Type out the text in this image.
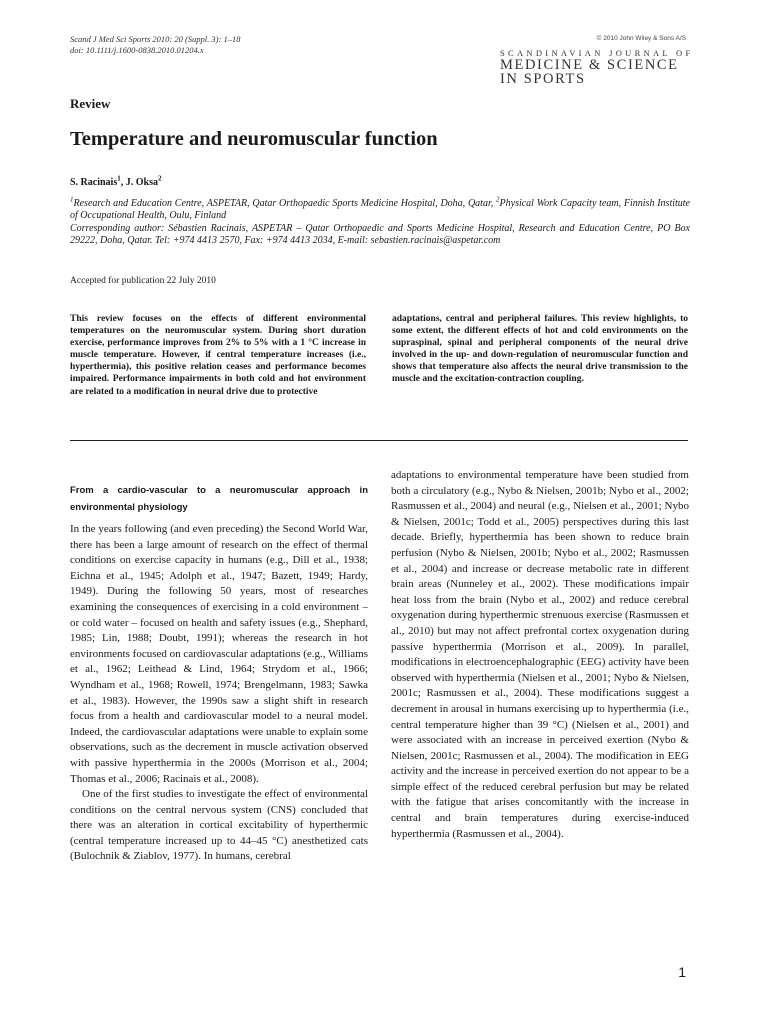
Scand J Med Sci Sports 2010: 20 (Suppl. 3): 1–18
doi: 10.1111/j.1600-0838.2010.01204.x
© 2010 John Wiley & Sons A/S
SCANDINAVIAN JOURNAL OF
MEDICINE & SCIENCE
IN SPORTS
Review
Temperature and neuromuscular function
S. Racinais$^1$, J. Oksa$^2$

$^1$Research and Education Centre, ASPETAR, Qatar Orthopaedic Sports Medicine Hospital, Doha, Qatar, $^2$Physical Work Capacity team, Finnish Institute of Occupational Health, Oulu, Finland

Corresponding author: Sébastien Racinais, ASPETAR – Qatar Orthopaedic and Sports Medicine Hospital, Research and Education Centre, PO Box 29222, Doha, Qatar. Tel: +974 4413 2570, Fax: +974 4413 2034, E-mail: sebastien.racinais@aspetar.com

Accepted for publication 22 July 2010

This review focuses on the effects of different environmental temperatures on the neuromuscular system. During short duration exercise, performance improves from 2% to 5% with a 1 °C increase in muscle temperature. However, if central temperature increases (i.e., hyperthermia), this positive relation ceases and performance becomes impaired. Performance impairments in both cold and hot environment are related to a modification in neural drive due to protective

adaptations, central and peripheral failures. This review highlights, to some extent, the different effects of hot and cold environments on the supraspinal, spinal and peripheral components of the neural drive involved in the up- and down-regulation of neuromuscular function and shows that temperature also affects the neural drive transmission to the muscle and the excitation-contraction coupling.

From a cardio-vascular to a neuromuscular approach in environmental physiology

In the years following (and even preceding) the Second World War, there has been a large amount of research on the effect of thermal conditions on exercise capacity in humans (e.g., Dill et al., 1938; Eichna et al., 1945; Adolph et al., 1947; Bazett, 1949; Hardy, 1949). During the following 50 years, most of researches examining the consequences of exercising in a cold environment – or cold water – focused on health and safety issues (e.g., Shephard, 1985; Lin, 1988; Doubt, 1991); whereas the research in hot environments focused on cardiovascular adaptations (e.g., Williams et al., 1962; Leithead & Lind, 1964; Strydom et al., 1966; Wyndham et al., 1968; Rowell, 1974; Brengelmann, 1983; Sawka et al., 1983). However, the 1990s saw a slight shift in research focus from a health and cardiovascular model to a neural model. Indeed, the cardiovascular adaptations were unable to explain some observations, such as the decrement in muscle activation observed with passive hyperthermia in the 2000s (Morrison et al., 2004; Thomas et al., 2006; Racinais et al., 2008).

One of the first studies to investigate the effect of environmental conditions on the central nervous system (CNS) concluded that there was an alteration in cortical excitability of hyperthermic (central temperature increased up to 44–45 °C) anesthetized cats (Bulochnik & Ziablov, 1977). In humans, cerebral

adaptations to environmental temperature have been studied from both a circulatory (e.g., Nybo & Nielsen, 2001b; Nybo et al., 2002; Rasmussen et al., 2004) and neural (e.g., Nielsen et al., 2001; Nybo & Nielsen, 2001c; Todd et al., 2005) perspectives during this last decade. Briefly, hyperthermia has been shown to reduce brain perfusion (Nybo & Nielsen, 2001b; Nybo et al., 2002; Rasmussen et al., 2004) and increase or decrease metabolic rate in different brain areas (Nunneley et al., 2002). These modifications impair heat loss from the brain (Nybo et al., 2002) and reduce cerebral oxygenation during hyperthermic strenuous exercise (Rasmussen et al., 2010) but may not affect prefrontal cortex oxygenation during passive hyperthermia (Morrison et al., 2009). In parallel, modifications in electroencephalographic (EEG) activity have been observed with hyperthermia (Nielsen et al., 2001; Nybo & Nielsen, 2001c; Rasmussen et al., 2004). These modifications suggest a decrement in arousal in humans exercising up to hyperthermia (i.e., central temperature higher than 39 °C) (Nielsen et al., 2001) and were associated with an increase in perceived exertion (Nybo & Nielsen, 2001c; Rasmussen et al., 2004). The modification in EEG activity and the increase in perceived exertion do not appear to be a simple effect of the reduced cerebral perfusion but may be related with the fatigue that arises concomitantly with the increase in central and brain temperatures during exercise-induced hyperthermia (Rasmussen et al., 2004).

1
